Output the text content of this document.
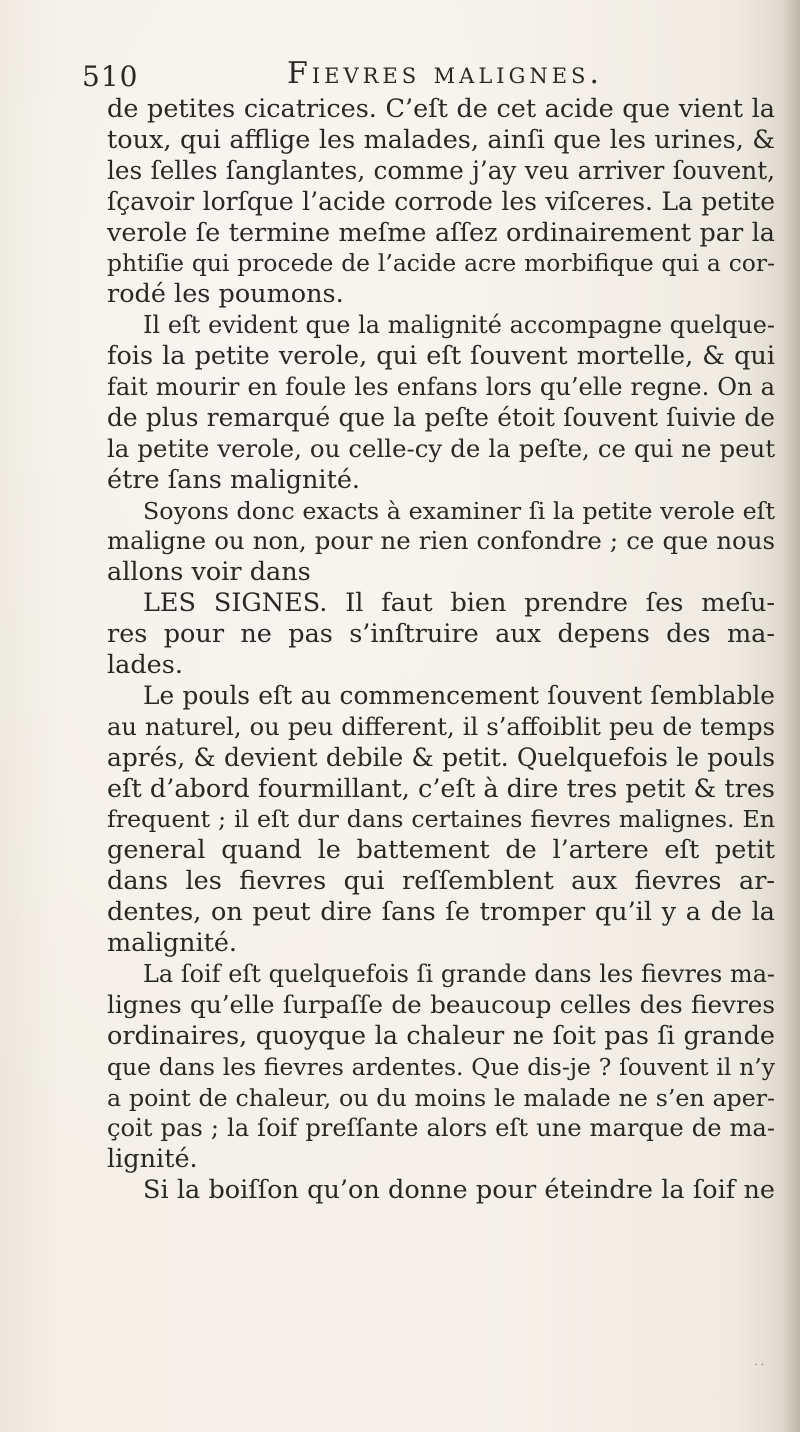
510	Fievres malignes.
de petites cicatrices. C’eſt de cet acide que vient la
toux, qui afflige les malades, ainſi que les urines, &
les ſelles ſanglantes, comme j’ay veu arriver ſouvent,
ſçavoir lorſque l’acide corrode les viſceres. La petite
verole ſe termine meſme aſſez ordinairement par la
phtiſie qui procede de l’acide acre morbifique qui a cor-
rodé les poumons.
Il eſt evident que la malignité accompagne quelque-
fois la petite verole, qui eſt ſouvent mortelle, & qui
fait mourir en foule les enfans lors qu’elle regne. On a
de plus remarqué que la peſte étoit ſouvent ſuivie de
la petite verole, ou celle-cy de la peſte, ce qui ne peut
étre ſans malignité.
Soyons donc exacts à examiner ſi la petite verole eſt
maligne ou non, pour ne rien confondre ; ce que nous
allons voir dans
LES SIGNES. Il faut bien prendre ſes meſu-
res pour ne pas s’inſtruire aux depens des ma-
lades.
Le pouls eſt au commencement ſouvent ſemblable
au naturel, ou peu different, il s’affoiblit peu de temps
aprés, & devient debile & petit. Quelquefois le pouls
eſt d’abord fourmillant, c’eſt à dire tres petit & tres
frequent ; il eſt dur dans certaines fievres malignes. En
general quand le battement de l’artere eſt petit
dans les fievres qui reſſemblent aux fievres ar-
dentes, on peut dire ſans ſe tromper qu’il y a de la
malignité.
La ſoif eſt quelquefois ſi grande dans les fievres ma-
lignes qu’elle ſurpaſſe de beaucoup celles des fievres
ordinaires, quoyque la chaleur ne ſoit pas ſi grande
que dans les fievres ardentes. Que dis-je ? ſouvent il n’y
a point de chaleur, ou du moins le malade ne s’en aper-
çoit pas ; la ſoif preſſante alors eſt une marque de ma-
lignité.
Si la boiſſon qu’on donne pour éteindre la ſoif ne
· ·
